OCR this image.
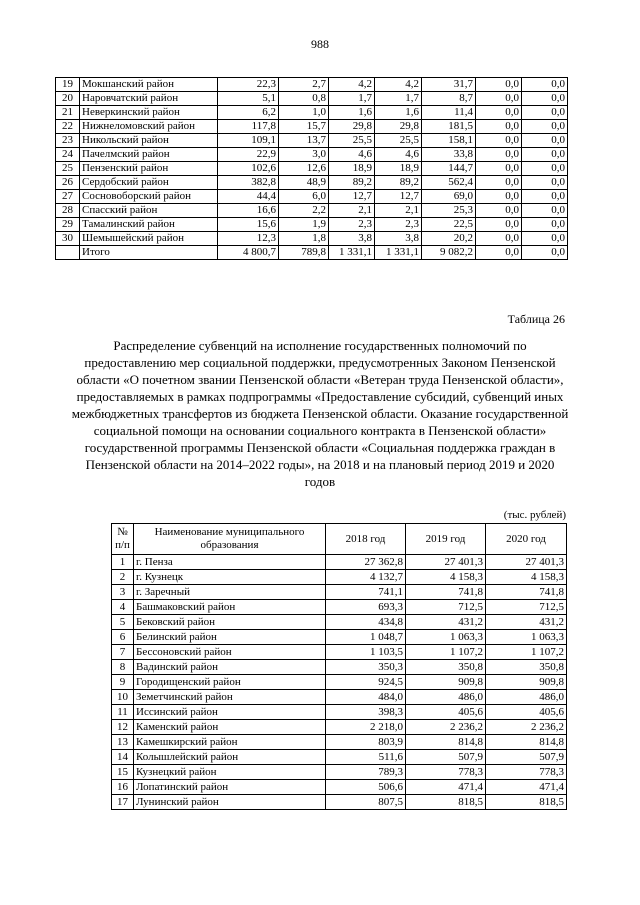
988
19	Мокшанский район	22,3	2,7	4,2	4,2	31,7	0,0	0,0
20	Наровчатский район	5,1	0,8	1,7	1,7	8,7	0,0	0,0
21	Неверкинский район	6,2	1,0	1,6	1,6	11,4	0,0	0,0
22	Нижнеломовский район	117,8	15,7	29,8	29,8	181,5	0,0	0,0
23	Никольский район	109,1	13,7	25,5	25,5	158,1	0,0	0,0
24	Пачелмский район	22,9	3,0	4,6	4,6	33,8	0,0	0,0
25	Пензенский район	102,6	12,6	18,9	18,9	144,7	0,0	0,0
26	Сердобский район	382,8	48,9	89,2	89,2	562,4	0,0	0,0
27	Сосновоборский район	44,4	6,0	12,7	12,7	69,0	0,0	0,0
28	Спасский район	16,6	2,2	2,1	2,1	25,3	0,0	0,0
29	Тамалинский район	15,6	1,9	2,3	2,3	22,5	0,0	0,0
30	Шемышейский район	12,3	1,8	3,8	3,8	20,2	0,0	0,0
	Итого	4 800,7	789,8	1 331,1	1 331,1	9 082,2	0,0	0,0
Таблица 26
Распределение субвенций на исполнение государственных полномочий по предоставлению мер социальной поддержки, предусмотренных Законом Пензенской области «О почетном звании Пензенской области «Ветеран труда Пензенской области», предоставляемых в рамках подпрограммы «Предоставление субсидий, субвенций иных межбюджетных трансфертов из бюджета Пензенской области. Оказание государственной социальной помощи на основании социального контракта в Пензенской области» государственной программы Пензенской области «Социальная поддержка граждан в Пензенской области на 2014–2022 годы», на 2018 и на плановый период 2019 и 2020 годов
(тыс. рублей)
№ п/п	Наименование муниципального образования	2018 год	2019 год	2020 год
1	г. Пенза	27 362,8	27 401,3	27 401,3
2	г. Кузнецк	4 132,7	4 158,3	4 158,3
3	г. Заречный	741,1	741,8	741,8
4	Башмаковский район	693,3	712,5	712,5
5	Бековский район	434,8	431,2	431,2
6	Белинский район	1 048,7	1 063,3	1 063,3
7	Бессоновский район	1 103,5	1 107,2	1 107,2
8	Вадинский район	350,3	350,8	350,8
9	Городищенский район	924,5	909,8	909,8
10	Земетчинский район	484,0	486,0	486,0
11	Иссинский район	398,3	405,6	405,6
12	Каменский район	2 218,0	2 236,2	2 236,2
13	Камешкирский район	803,9	814,8	814,8
14	Колышлейский район	511,6	507,9	507,9
15	Кузнецкий район	789,3	778,3	778,3
16	Лопатинский район	506,6	471,4	471,4
17	Лунинский район	807,5	818,5	818,5
